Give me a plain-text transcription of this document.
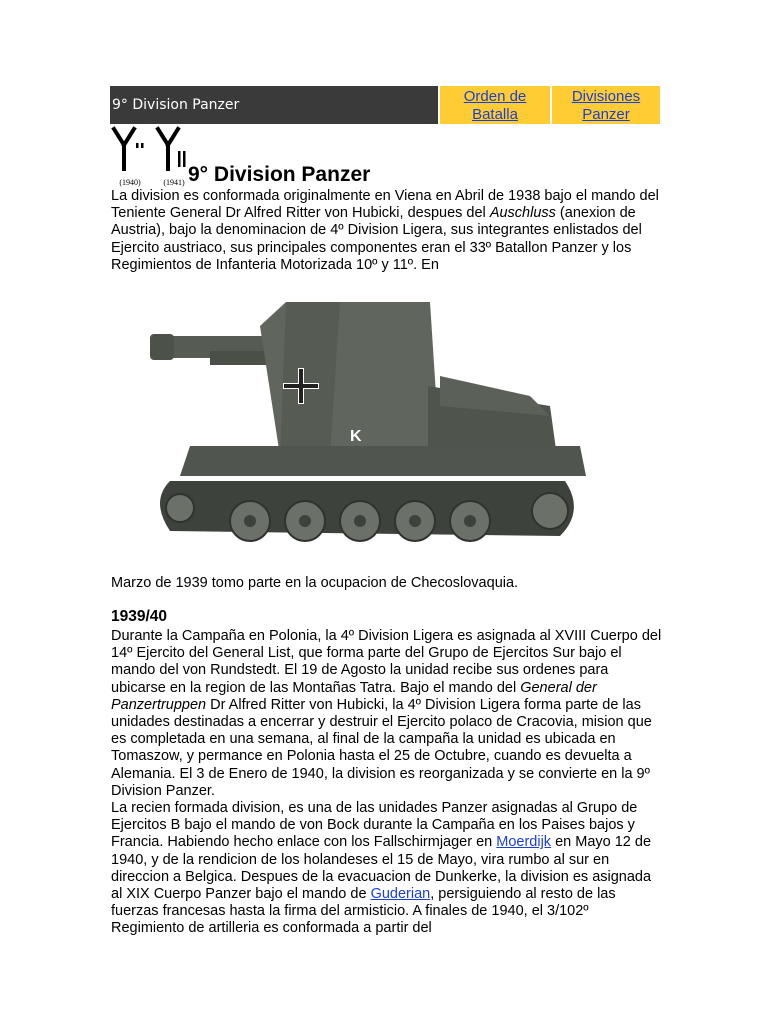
9° Division Panzer
Orden de Batalla
Divisiones Panzer
(1940)	(1941) 9° Division Panzer

La division es conformada originalmente en Viena en Abril de 1938 bajo el mando del Teniente General Dr Alfred Ritter von Hubicki, despues del Auschluss (anexion de Austria), bajo la denominacion de 4º Division Ligera, sus integrantes enlistados del Ejercito austriaco, sus principales componentes eran el 33º Batallon Panzer y los Regimientos de Infanteria Motorizada 10º y 11º. En

K

Marzo de 1939 tomo parte en la ocupacion de Checoslovaquia.

1939/40

Durante la Campaña en Polonia, la 4º Division Ligera es asignada al XVIII Cuerpo del 14º Ejercito del General List, que forma parte del Grupo de Ejercitos Sur bajo el mando del von Rundstedt. El 19 de Agosto la unidad recibe sus ordenes para ubicarse en la region de las Montañas Tatra. Bajo el mando del General der Panzertruppen Dr Alfred Ritter von Hubicki, la 4º Division Ligera forma parte de las unidades destinadas a encerrar y destruir el Ejercito polaco de Cracovia, mision que es completada en una semana, al final de la campaña la unidad es ubicada en Tomaszow, y permance en Polonia hasta el 25 de Octubre, cuando es devuelta a Alemania. El 3 de Enero de 1940, la division es reorganizada y se convierte en la 9º Division Panzer.
La recien formada division, es una de las unidades Panzer asignadas al Grupo de Ejercitos B bajo el mando de von Bock durante la Campaña en los Paises bajos y Francia. Habiendo hecho enlace con los Fallschirmjager en Moerdijk en Mayo 12 de 1940, y de la rendicion de los holandeses el 15 de Mayo, vira rumbo al sur en direccion a Belgica. Despues de la evacuacion de Dunkerke, la division es asignada al XIX Cuerpo Panzer bajo el mando de Guderian, persiguiendo al resto de las fuerzas francesas hasta la firma del armisticio. A finales de 1940, el 3/102º Regimiento de artilleria es conformada a partir del
